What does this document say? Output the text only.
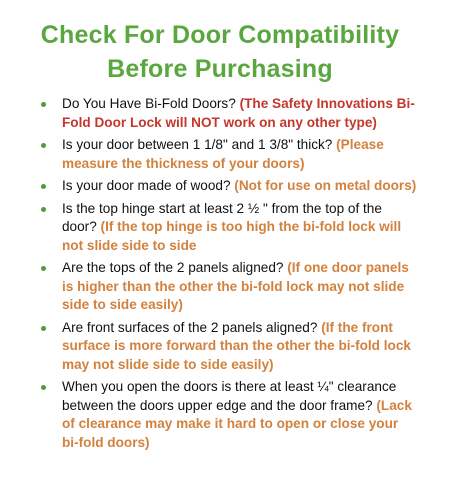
Check For Door Compatibility
Before Purchasing
Do You Have Bi-Fold Doors? (The Safety Innovations Bi-Fold Door Lock will NOT work on any other type)
Is your door between 1 1/8" and 1 3/8" thick? (Please measure the thickness of your doors)
Is your door made of wood? (Not for use on metal doors)
Is the top hinge start at least 2 ½ " from the top of the door? (If the top hinge is too high the bi-fold lock will not slide side to side
Are the tops of the 2 panels aligned? (If one door panels is higher than the other the bi-fold lock may not slide side to side easily)
Are front surfaces of the 2 panels aligned? (If the front surface is more forward than the other the bi-fold lock may not slide side to side easily)
When you open the doors is there at least ¼" clearance between the doors upper edge and the door frame? (Lack of clearance may make it hard to open or close your bi-fold doors)
